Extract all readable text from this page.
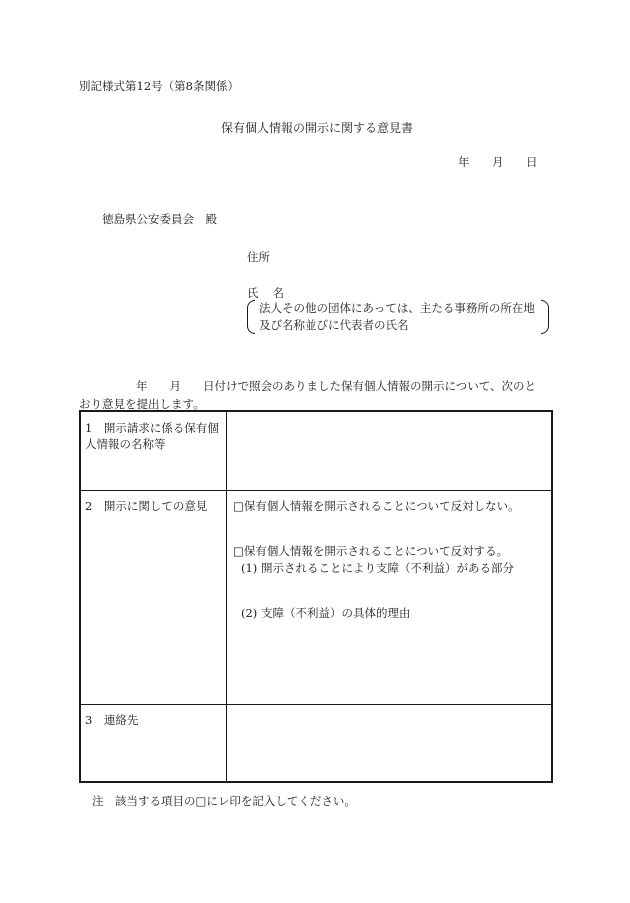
別記様式第12号（第8条関係）
保有個人情報の開示に関する意見書
年 月 日
徳島県公安委員会　殿
住所
氏 名
法人その他の団体にあっては、主たる事務所の所在地
及び名称並びに代表者の氏名
年 月 日付けで照会のありました保有個人情報の開示について、次のと
おり意見を提出します。
1　開示請求に係る保有個人情報の名称等
2　開示に関しての意見 □保有個人情報を開示されることについて反対しない。
□保有個人情報を開示されることについて反対する。
(1) 開示されることにより支障（不利益）がある部分
(2) 支障（不利益）の具体的理由
3　連絡先
注　該当する項目の□にレ印を記入してください。
